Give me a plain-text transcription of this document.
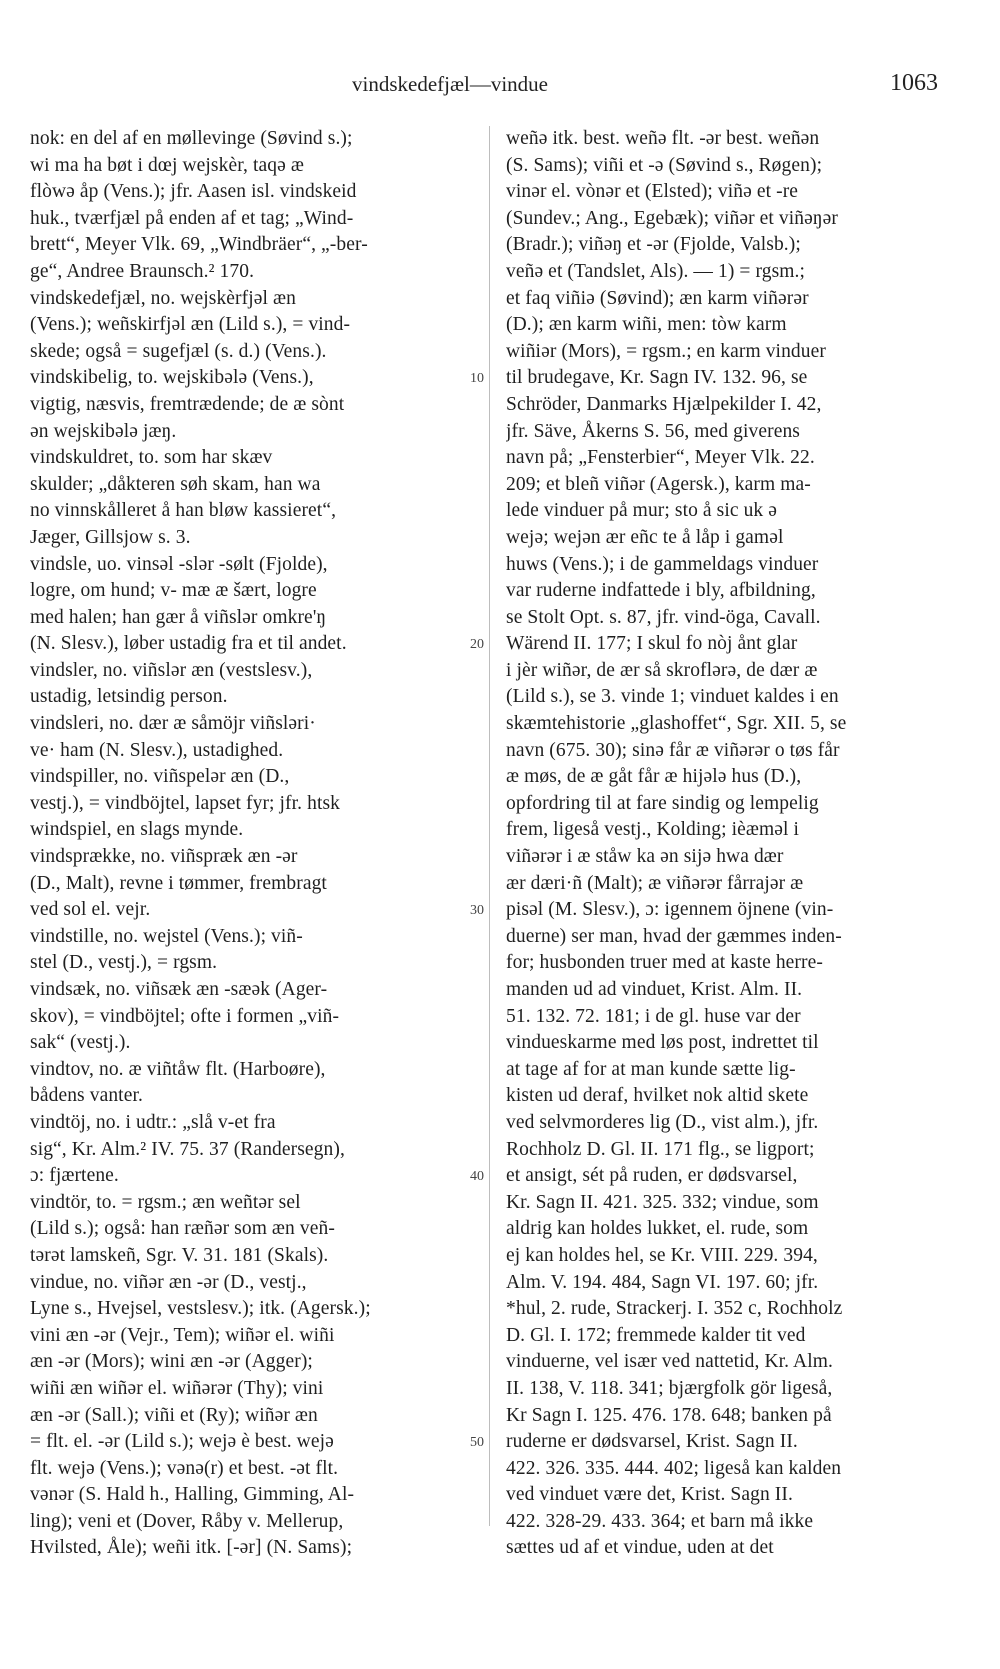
vindskedefjæl—vindue	1063
nok: en del af en møllevinge (Søvind s.);
wi ma ha bøt i dœj wejskèr, taqə æ
flòwə åp (Vens.); jfr. Aasen isl. vindskeid
huk., tværfjæl på enden af et tag; „Wind-
brett“, Meyer Vlk. 69, „Windbräer“, „-ber-
ge“, Andree Braunsch.² 170.
vindskedefjæl, no. wejskèrfjəl æn
(Vens.); weñskirfjəl æn (Lild s.), = vind-
skede; også = sugefjæl (s. d.) (Vens.).
vindskibelig, to. wejskibələ (Vens.),
vigtig, næsvis, fremtrædende; de æ sònt
ən wejskibələ jæŋ.
vindskuldret, to. som har skæv
skulder; „dåkteren søh skam, han wa
no vinnskålleret å han bløw kassieret“,
Jæger, Gillsjow s. 3.
vindsle, uo. vinsəl -slər -sølt (Fjolde),
logre, om hund; v- mæ æ šært, logre
med halen; han gær å viñslər omkre'ŋ
(N. Slesv.), løber ustadig fra et til andet.
vindsler, no. viñslər æn (vestslesv.),
ustadig, letsindig person.
vindsleri, no. dær æ såmöjr viñsləri·
ve· ham (N. Slesv.), ustadighed.
vindspiller, no. viñspelər æn (D.,
vestj.), = vindböjtel, lapset fyr; jfr. htsk
windspiel, en slags mynde.
vindsprække, no. viñspræk æn -ər
(D., Malt), revne i tømmer, frembragt
ved sol el. vejr.
vindstille, no. wejstel (Vens.); viñ-
stel (D., vestj.), = rgsm.
vindsæk, no. viñsæk æn -sæək (Ager-
skov), = vindböjtel; ofte i formen „viñ-
sak“ (vestj.).
vindtov, no. æ viñtåw flt. (Harboøre),
bådens vanter.
vindtöj, no. i udtr.: „slå v-et fra
sig“, Kr. Alm.² IV. 75. 37 (Randersegn),
ɔ: fjærtene.
vindtör, to. = rgsm.; æn weñtər sel
(Lild s.); også: han ræñər som æn veñ-
tərət lamskeñ, Sgr. V. 31. 181 (Skals).
vindue, no. viñər æn -ər (D., vestj.,
Lyne s., Hvejsel, vestslesv.); itk. (Agersk.);
vini æn -ər (Vejr., Tem); wiñər el. wiñi
æn -ər (Mors); wini æn -ər (Agger);
wiñi æn wiñər el. wiñərər (Thy); vini
æn -ər (Sall.); viñi et (Ry); wiñər æn
= flt. el. -ər (Lild s.); wejə è best. wejə
flt. wejə (Vens.); vənə(r) et best. -ət flt.
vənər (S. Hald h., Halling, Gimming, Al-
ling); veni et (Dover, Råby v. Mellerup,
Hvilsted, Åle); weñi itk. [-ər] (N. Sams);
weñə itk. best. weñə flt. -ər best. weñən
(S. Sams); viñi et -ə (Søvind s., Røgen);
vinər el. vònər et (Elsted); viñə et -re
(Sundev.; Ang., Egebæk); viñər et viñəŋər
(Bradr.); viñəŋ et -ər (Fjolde, Valsb.);
veñə et (Tandslet, Als). — 1) = rgsm.;
et faq viñiə (Søvind); æn karm viñərər
(D.); æn karm wiñi, men: tòw karm
wiñiər (Mors), = rgsm.; en karm vinduer
til brudegave, Kr. Sagn IV. 132. 96, se
Schröder, Danmarks Hjælpekilder I. 42,
jfr. Säve, Åkerns S. 56, med giverens
navn på; „Fensterbier“, Meyer Vlk. 22.
209; et bleñ viñər (Agersk.), karm ma-
lede vinduer på mur; sto å sic uk ə
wejə; wejən ær eñc te å låp i gaməl
huws (Vens.); i de gammeldags vinduer
var ruderne indfattede i bly, afbildning,
se Stolt Opt. s. 87, jfr. vind-öga, Cavall.
Wärend II. 177; I skul fo nòj ånt glar
i jèr wiñər, de ær så skroflərə, de dær æ
(Lild s.), se 3. vinde 1; vinduet kaldes i en
skæmtehistorie „glashoffet“, Sgr. XII. 5, se
navn (675. 30); sinə får æ viñərər o tøs får
æ møs, de æ gåt får æ hijələ hus (D.),
opfordring til at fare sindig og lempelig
frem, ligeså vestj., Kolding; ièæməl i
viñərər i æ ståw ka ən sijə hwa dær
ær dæri·ñ (Malt); æ viñərər fårrajər æ
pisəl (M. Slesv.), ɔ: igennem öjnene (vin-
duerne) ser man, hvad der gæmmes inden-
for; husbonden truer med at kaste herre-
manden ud ad vinduet, Krist. Alm. II.
51. 132. 72. 181; i de gl. huse var der
vindueskarme med løs post, indrettet til
at tage af for at man kunde sætte lig-
kisten ud deraf, hvilket nok altid skete
ved selvmorderes lig (D., vist alm.), jfr.
Rochholz D. Gl. II. 171 flg., se ligport;
et ansigt, sét på ruden, er dødsvarsel,
Kr. Sagn II. 421. 325. 332; vindue, som
aldrig kan holdes lukket, el. rude, som
ej kan holdes hel, se Kr. VIII. 229. 394,
Alm. V. 194. 484, Sagn VI. 197. 60; jfr.
*hul, 2. rude, Strackerj. I. 352 c, Rochholz
D. Gl. I. 172; fremmede kalder tit ved
vinduerne, vel især ved nattetid, Kr. Alm.
II. 138, V. 118. 341; bjærgfolk gör ligeså,
Kr Sagn I. 125. 476. 178. 648; banken på
ruderne er dødsvarsel, Krist. Sagn II.
422. 326. 335. 444. 402; ligeså kan kalden
ved vinduet være det, Krist. Sagn II.
422. 328-29. 433. 364; et barn må ikke
sættes ud af et vindue, uden at det
10
20
30
40
50
